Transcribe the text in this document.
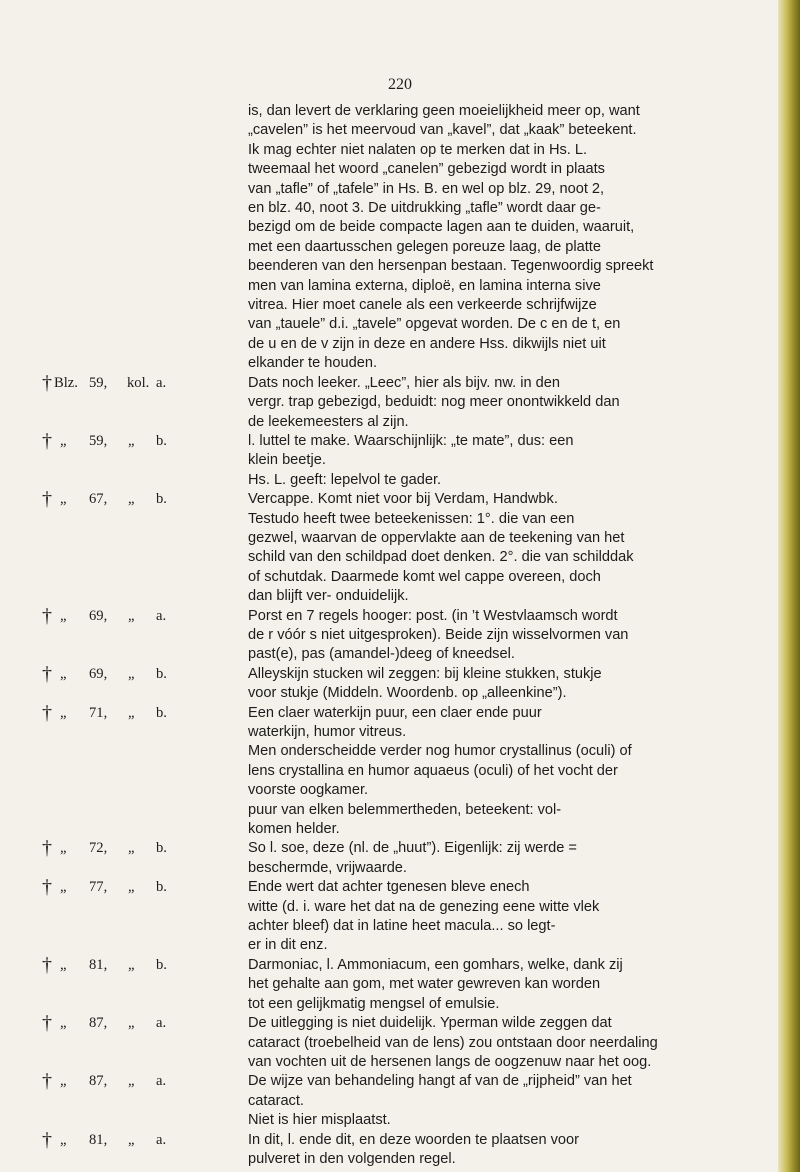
220
is, dan levert de verklaring geen moeielijkheid meer op, want
„cavelen” is het meervoud van „kavel”, dat „kaak” beteekent.
Ik mag echter niet nalaten op te merken dat in Hs. L.
tweemaal het woord „canelen” gebezigd wordt in plaats
van „tafle” of „tafele” in Hs. B. en wel op blz. 29, noot 2,
en blz. 40, noot 3. De uitdrukking „tafle” wordt daar ge-
bezigd om de beide compacte lagen aan te duiden, waaruit,
met een daartusschen gelegen poreuze laag, de platte
beenderen van den hersenpan bestaan. Tegenwoordig spreekt
men van lamina externa, diploë, en lamina interna sive
vitrea. Hier moet canele als een verkeerde schrijfwijze
van „tauele” d.i. „tavele” opgevat worden. De c en de t, en
de u en de v zijn in deze en andere Hss. dikwijls niet uit
elkander te houden.
† Blz. 59, kol. a.	Dats noch leeker. „Leec”, hier als bijv. nw. in den
vergr. trap gebezigd, beduidt: nog meer onontwikkeld dan
de leekemeesters al zijn.
† „ 59, „ b.	l. luttel te make. Waarschijnlijk: „te mate”, dus: een
klein beetje.
Hs. L. geeft: lepelvol te gader.
† „ 67, „ b.	Vercappe. Komt niet voor bij Verdam, Handwbk.
Testudo heeft twee beteekenissen: 1°. die van een
gezwel, waarvan de oppervlakte aan de teekening van het
schild van den schildpad doet denken. 2°. die van schilddak
of schutdak. Daarmede komt wel cappe overeen, doch
dan blijft ver- onduidelijk.
† „ 69, „ a.	Porst en 7 regels hooger: post. (in ’t Westvlaamsch wordt
de r vóór s niet uitgesproken). Beide zijn wisselvormen van
past(e), pas (amandel-)deeg of kneedsel.
† „ 69, „ b.	Alleyskijn stucken wil zeggen: bij kleine stukken, stukje
voor stukje (Middeln. Woordenb. op „alleenkine”).
† „ 71, „ b.	Een claer waterkijn puur, een claer ende puur
waterkijn, humor vitreus.
Men onderscheidde verder nog humor crystallinus (oculi) of
lens crystallina en humor aquaeus (oculi) of het vocht der
voorste oogkamer.
puur van elken belemmertheden, beteekent: vol-
komen helder.
† „ 72, „ b.	So l. soe, deze (nl. de „huut”). Eigenlijk: zij werde =
beschermde, vrijwaarde.
† „ 77, „ b.	Ende wert dat achter tgenesen bleve enech
witte (d. i. ware het dat na de genezing eene witte vlek
achter bleef) dat in latine heet macula... so legt-
er in dit enz.
† „ 81, „ b.	Darmoniac, l. Ammoniacum, een gomhars, welke, dank zij
het gehalte aan gom, met water gewreven kan worden
tot een gelijkmatig mengsel of emulsie.
† „ 87, „ a.	De uitlegging is niet duidelijk. Yperman wilde zeggen dat
cataract (troebelheid van de lens) zou ontstaan door neerdaling
van vochten uit de hersenen langs de oogzenuw naar het oog.
† „ 87, „ a.	De wijze van behandeling hangt af van de „rijpheid” van het
cataract.
Niet is hier misplaatst.
† „ 81, „ a.	In dit, l. ende dit, en deze woorden te plaatsen voor
pulveret in den volgenden regel.
